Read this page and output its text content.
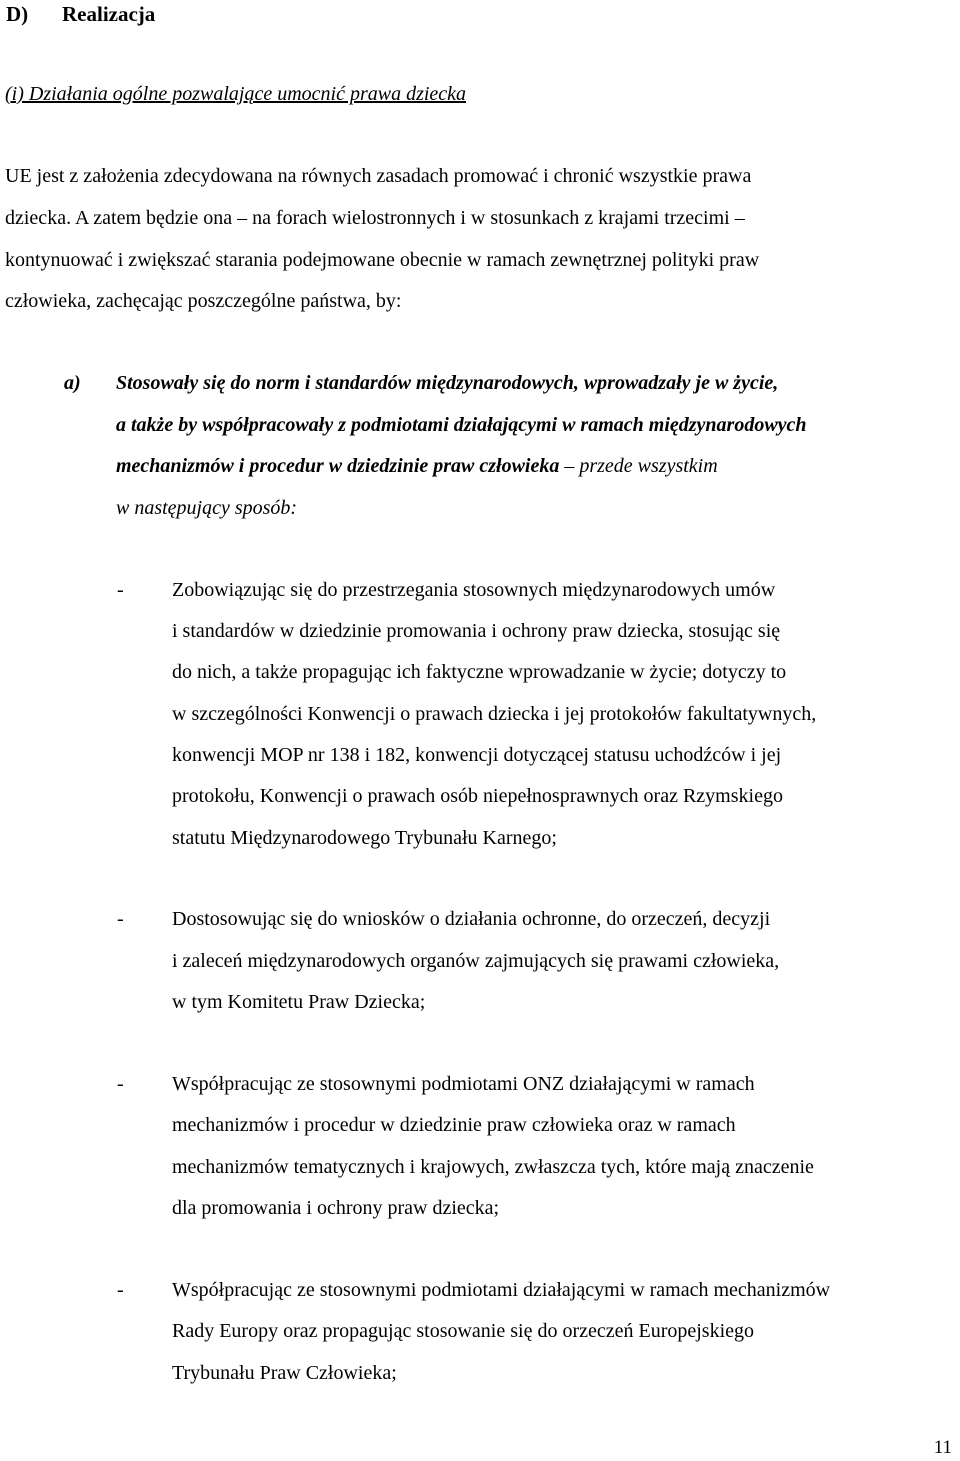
D) Realizacja
(i) Działania ogólne pozwalające umocnić prawa dziecka
UE jest z założenia zdecydowana na równych zasadach promować i chronić wszystkie prawa
dziecka. A zatem będzie ona – na forach wielostronnych i w stosunkach z krajami trzecimi –
kontynuować i zwiększać starania podejmowane obecnie w ramach zewnętrznej polityki praw
człowieka, zachęcając poszczególne państwa, by:
a) Stosowały się do norm i standardów międzynarodowych, wprowadzały je w życie,
a także by współpracowały z podmiotami działającymi w ramach międzynarodowych
mechanizmów i procedur w dziedzinie praw człowieka – przede wszystkim
w następujący sposób:
- Zobowiązując się do przestrzegania stosownych międzynarodowych umów
i standardów w dziedzinie promowania i ochrony praw dziecka, stosując się
do nich, a także propagując ich faktyczne wprowadzanie w życie; dotyczy to
w szczególności Konwencji o prawach dziecka i jej protokołów fakultatywnych,
konwencji MOP nr 138 i 182, konwencji dotyczącej statusu uchodźców i jej
protokołu, Konwencji o prawach osób niepełnosprawnych oraz Rzymskiego
statutu Międzynarodowego Trybunału Karnego;
- Dostosowując się do wniosków o działania ochronne, do orzeczeń, decyzji
i zaleceń międzynarodowych organów zajmujących się prawami człowieka,
w tym Komitetu Praw Dziecka;
- Współpracując ze stosownymi podmiotami ONZ działającymi w ramach
mechanizmów i procedur w dziedzinie praw człowieka oraz w ramach
mechanizmów tematycznych i krajowych, zwłaszcza tych, które mają znaczenie
dla promowania i ochrony praw dziecka;
- Współpracując ze stosownymi podmiotami działającymi w ramach mechanizmów
Rady Europy oraz propagując stosowanie się do orzeczeń Europejskiego
Trybunału Praw Człowieka;
11
